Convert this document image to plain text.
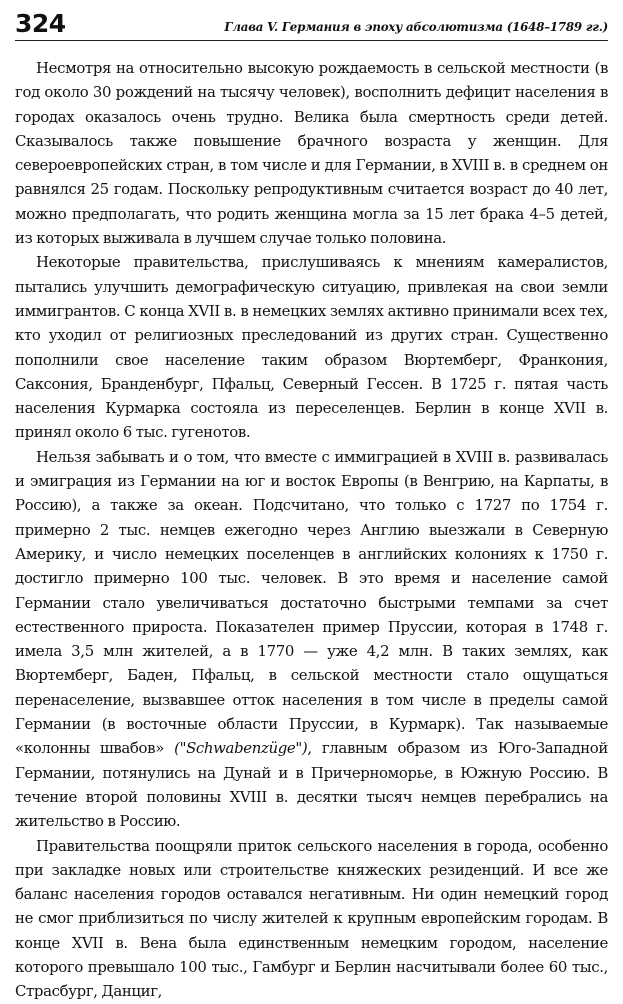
324	Глава V. Германия в эпоху абсолютизма (1648–1789 гг.)

Несмотря на относительно высокую рождаемость в сельской местности (в год около 30 рождений на тысячу человек), восполнить дефицит населения в городах оказалось очень трудно. Велика была смертность среди детей. Сказывалось также повышение брачного возраста у женщин. Для североевропейских стран, в том числе и для Германии, в XVIII в. в среднем он равнялся 25 годам. Поскольку репродуктивным считается возраст до 40 лет, можно предполагать, что родить женщина могла за 15 лет брака 4–5 детей, из которых выживала в лучшем случае только половина.

Некоторые правительства, прислушиваясь к мнениям камералистов, пытались улучшить демографическую ситуацию, привлекая на свои земли иммигрантов. С конца XVII в. в немецких землях активно принимали всех тех, кто уходил от религиозных преследований из других стран. Существенно пополнили свое население таким образом Вюртемберг, Франкония, Саксония, Бранденбург, Пфальц, Северный Гессен. В 1725 г. пятая часть населения Курмарка состояла из переселенцев. Берлин в конце XVII в. принял около 6 тыс. гугенотов.

Нельзя забывать и о том, что вместе с иммиграцией в XVIII в. развивалась и эмиграция из Германии на юг и восток Европы (в Венгрию, на Карпаты, в Россию), а также за океан. Подсчитано, что только с 1727 по 1754 г. примерно 2 тыс. немцев ежегодно через Англию выезжали в Северную Америку, и число немецких поселенцев в английских колониях к 1750 г. достигло примерно 100 тыс. человек. В это время и население самой Германии стало увеличиваться достаточно быстрыми темпами за счет естественного прироста. Показателен пример Пруссии, которая в 1748 г. имела 3,5 млн жителей, а в 1770 — уже 4,2 млн. В таких землях, как Вюртемберг, Баден, Пфальц, в сельской местности стало ощущаться перенаселение, вызвавшее отток населения в том числе в пределы самой Германии (в восточные области Пруссии, в Курмарк). Так называемые «колонны швабов» ("Schwabenzüge"), главным образом из Юго-Западной Германии, потянулись на Дунай и в Причерноморье, в Южную Россию. В течение второй половины XVIII в. десятки тысяч немцев перебрались на жительство в Россию.

Правительства поощряли приток сельского населения в города, особенно при закладке новых или строительстве княжеских резиденций. И все же баланс населения городов оставался негативным. Ни один немецкий город не смог приблизиться по числу жителей к крупным европейским городам. В конце XVII в. Вена была единственным немецким городом, население которого превышало 100 тыс., Гамбург и Берлин насчитывали более 60 тыс., Страсбург, Данциг,
